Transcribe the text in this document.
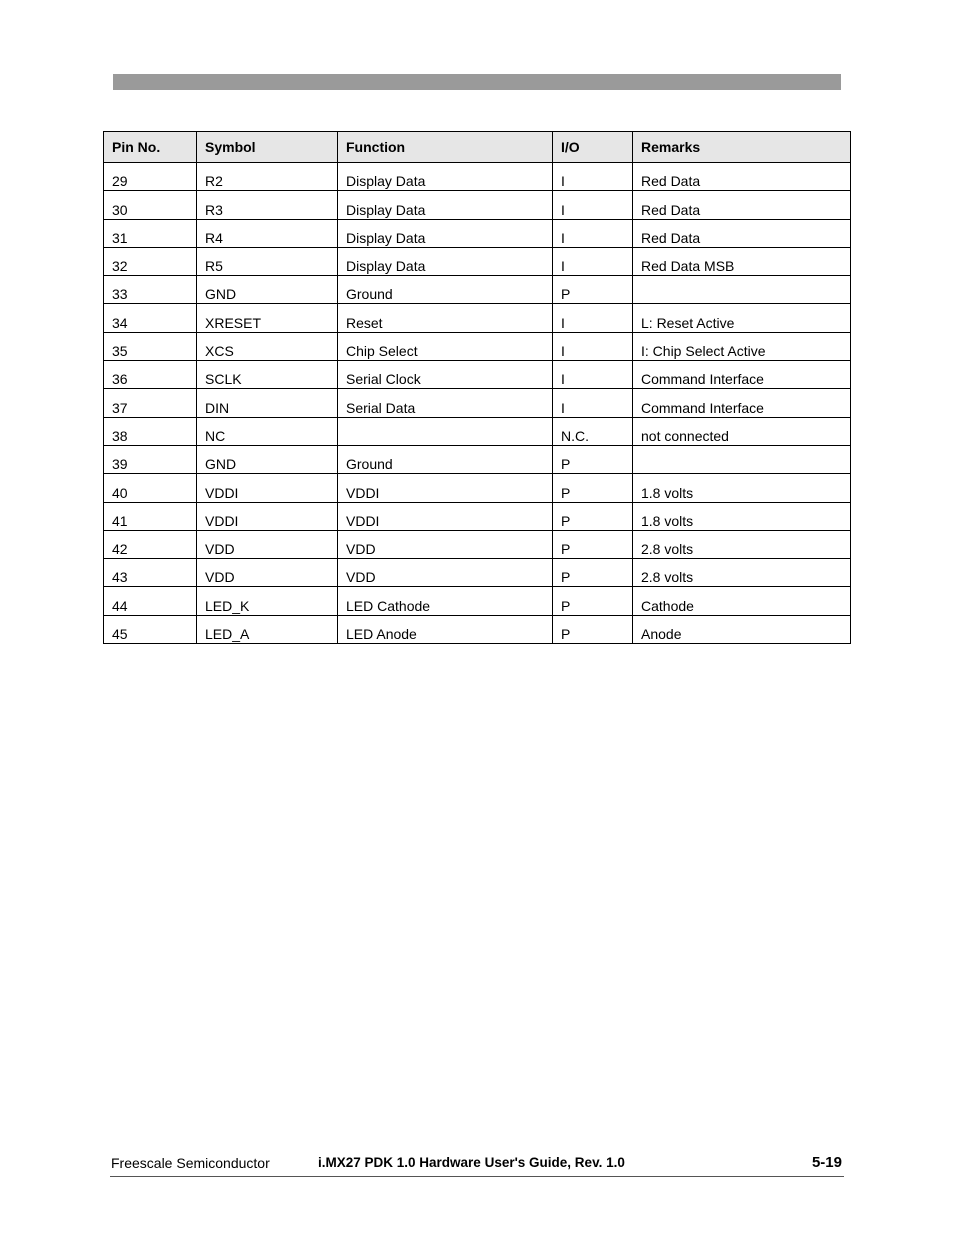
Pin No.	Symbol	Function	I/O	Remarks
29	R2	Display Data	I	Red Data
30	R3	Display Data	I	Red Data
31	R4	Display Data	I	Red Data
32	R5	Display Data	I	Red Data MSB
33	GND	Ground	P	
34	XRESET	Reset	I	L: Reset Active
35	XCS	Chip Select	I	I: Chip Select Active
36	SCLK	Serial Clock	I	Command Interface
37	DIN	Serial Data	I	Command Interface
38	NC		N.C.	not connected
39	GND	Ground	P	
40	VDDI	VDDI	P	1.8 volts
41	VDDI	VDDI	P	1.8 volts
42	VDD	VDD	P	2.8 volts
43	VDD	VDD	P	2.8 volts
44	LED_K	LED Cathode	P	Cathode
45	LED_A	LED Anode	P	Anode
Freescale Semiconductor	i.MX27 PDK 1.0 Hardware User's Guide, Rev. 1.0	5-19
